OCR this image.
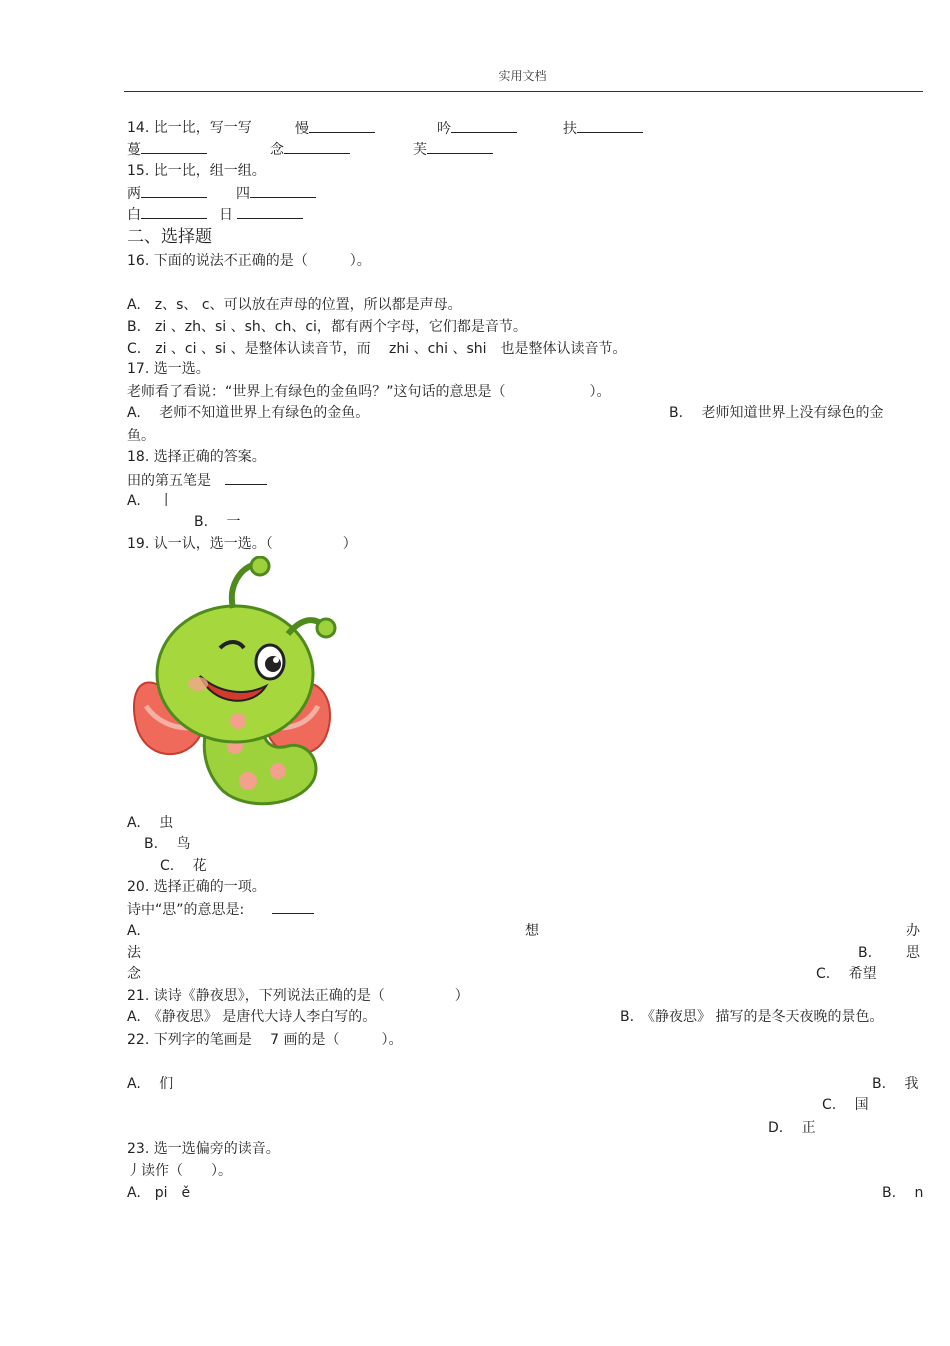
实用文档
14. 比一比，写一写	慢	吟	扶
蔓	念	芙
15. 比一比，组一组。
两	四
白	日
二、选择题
16. 下面的说法不正确的是（　　　）。
A.　z、s、 c、可以放在声母的位置，所以都是声母。
B.　zi 、zh、si 、sh、ch、ci，都有两个字母，它们都是音节。
C.　zi 、ci 、si 、是整体认读音节，而　 zhi 、chi 、shi　也是整体认读音节。
17. 选一选。
老师看了看说：“世界上有绿色的金鱼吗？”这句话的意思是（　　　　　　）。
A.　 老师不知道世界上有绿色的金鱼。	B.　 老师知道世界上没有绿色的金
鱼。
18. 选择正确的答案。
田的第五笔是　
A.　 丨
B.　 一
19. 认一认，选一选。（　　　　　）
A.　 虫
B.　 鸟
C.　 花
20. 选择正确的一项。
诗中“思”的意思是:　　
A.	想	办
法	B. 思
念	C.　 希望
21. 读诗《静夜思》，下列说法正确的是（　　　　　）
A.　《静夜思》 是唐代大诗人李白写的。	B.　《静夜思》 描写的是冬天夜晚的景色。
22. 下列字的笔画是　 7 画的是（　　　）。
A.　 们	B.　 我
C.　 国
D.　 正
23. 选一选偏旁的读音。
丿读作（　　）。
A.　pi　ě	B.　 n
